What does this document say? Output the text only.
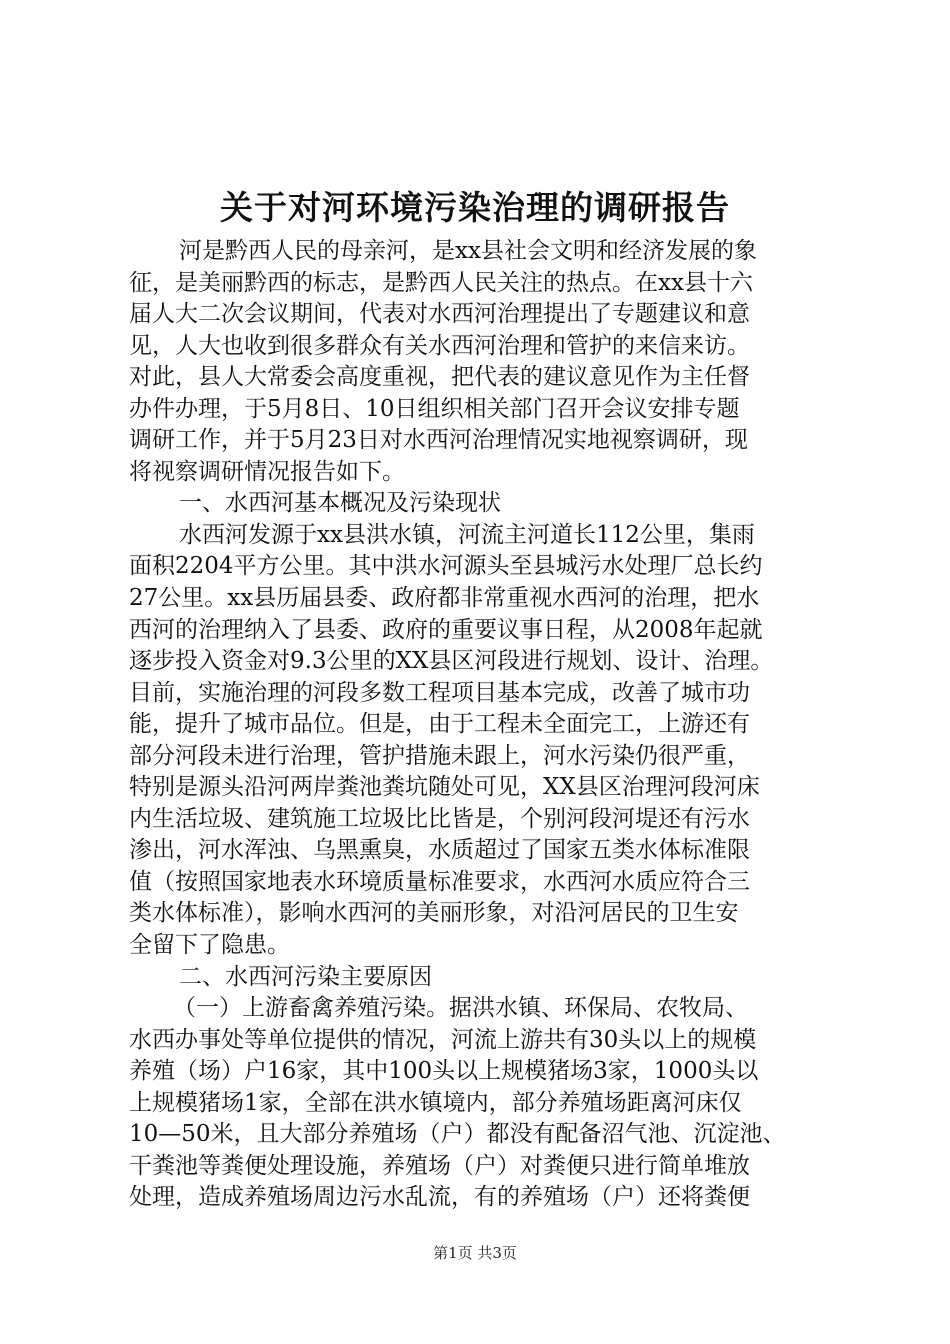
关于对河环境污染治理的调研报告
河是黔西人民的母亲河，是xx县社会文明和经济发展的象
征，是美丽黔西的标志，是黔西人民关注的热点。在xx县十六
届人大二次会议期间，代表对水西河治理提出了专题建议和意
见，人大也收到很多群众有关水西河治理和管护的来信来访。
对此，县人大常委会高度重视，把代表的建议意见作为主任督
办件办理，于5月8日、10日组织相关部门召开会议安排专题
调研工作，并于5月23日对水西河治理情况实地视察调研，现
将视察调研情况报告如下。
一、水西河基本概况及污染现状
水西河发源于xx县洪水镇，河流主河道长112公里，集雨
面积2204平方公里。其中洪水河源头至县城污水处理厂总长约
27公里。xx县历届县委、政府都非常重视水西河的治理，把水
西河的治理纳入了县委、政府的重要议事日程，从2008年起就
逐步投入资金对9.3公里的XX县区河段进行规划、设计、治理。
目前，实施治理的河段多数工程项目基本完成，改善了城市功
能，提升了城市品位。但是，由于工程未全面完工，上游还有
部分河段未进行治理，管护措施未跟上，河水污染仍很严重，
特别是源头沿河两岸粪池粪坑随处可见，XX县区治理河段河床
内生活垃圾、建筑施工垃圾比比皆是，个别河段河堤还有污水
渗出，河水浑浊、乌黑熏臭，水质超过了国家五类水体标准限
值（按照国家地表水环境质量标准要求，水西河水质应符合三
类水体标准），影响水西河的美丽形象，对沿河居民的卫生安
全留下了隐患。
二、水西河污染主要原因
（一）上游畜禽养殖污染。据洪水镇、环保局、农牧局、
水西办事处等单位提供的情况，河流上游共有30头以上的规模
养殖（场）户16家，其中100头以上规模猪场3家，1000头以
上规模猪场1家，全部在洪水镇境内，部分养殖场距离河床仅
10—50米，且大部分养殖场（户）都没有配备沼气池、沉淀池、
干粪池等粪便处理设施，养殖场（户）对粪便只进行简单堆放
处理，造成养殖场周边污水乱流，有的养殖场（户）还将粪便
第1页 共3页
